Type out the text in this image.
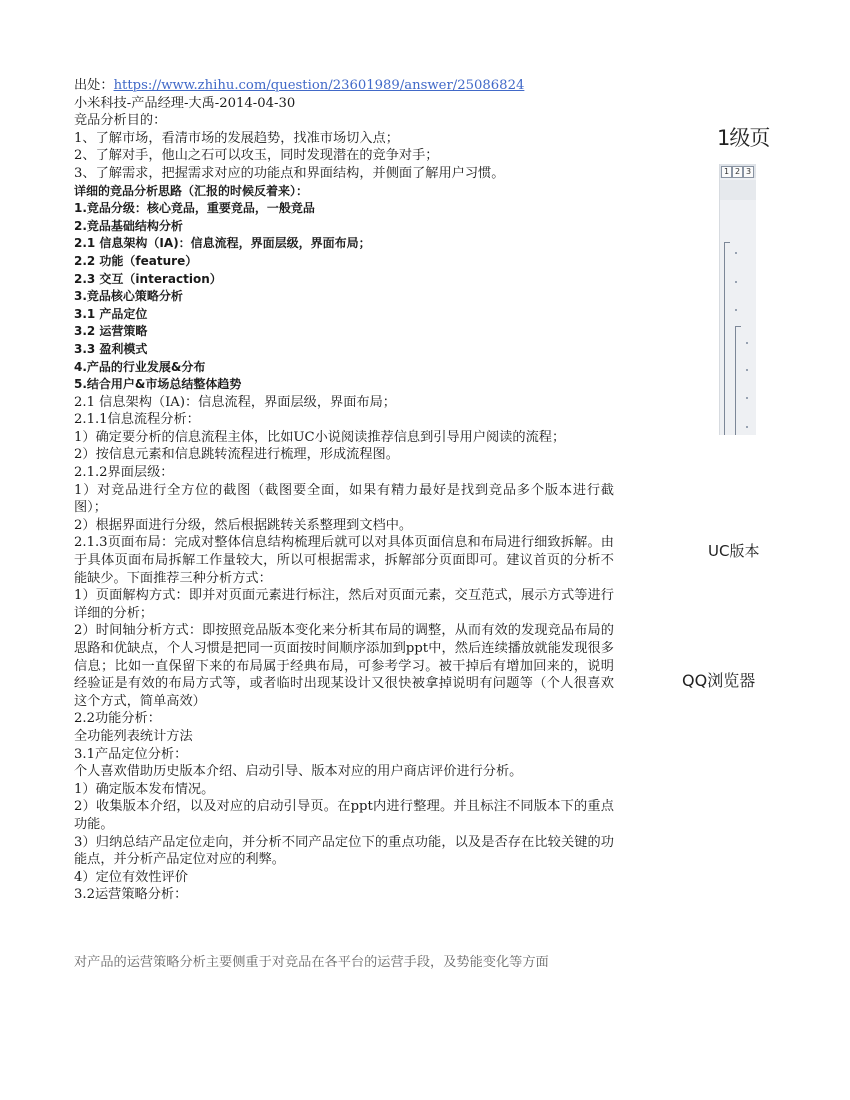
出处：https://www.zhihu.com/question/23601989/answer/25086824
小米科技-产品经理-大禹-2014-04-30
竞品分析目的：
1、了解市场，看清市场的发展趋势，找准市场切入点；
2、了解对手，他山之石可以攻玉，同时发现潜在的竞争对手；
3、了解需求，把握需求对应的功能点和界面结构，并侧面了解用户习惯。
详细的竞品分析思路（汇报的时候反着来）：
1.竞品分级：核心竞品，重要竞品，一般竞品
2.竞品基础结构分析
2.1 信息架构（IA)：信息流程，界面层级，界面布局；
2.2 功能（feature）
2.3 交互（interaction）
3.竞品核心策略分析
3.1 产品定位
3.2 运营策略
3.3 盈利模式
4.产品的行业发展&分布
5.结合用户&市场总结整体趋势
2.1 信息架构（IA)：信息流程，界面层级，界面布局；
2.1.1信息流程分析：
1）确定要分析的信息流程主体，比如UC小说阅读推荐信息到引导用户阅读的流程；
2）按信息元素和信息跳转流程进行梳理，形成流程图。
2.1.2界面层级：
1）对竞品进行全方位的截图（截图要全面，如果有精力最好是找到竞品多个版本进行截图）；
2）根据界面进行分级，然后根据跳转关系整理到文档中。
2.1.3页面布局：完成对整体信息结构梳理后就可以对具体页面信息和布局进行细致拆解。由于具体页面布局拆解工作量较大，所以可根据需求，拆解部分页面即可。建议首页的分析不能缺少。下面推荐三种分析方式：
1）页面解构方式：即并对页面元素进行标注，然后对页面元素，交互范式，展示方式等进行详细的分析；
2）时间轴分析方式：即按照竞品版本变化来分析其布局的调整，从而有效的发现竞品布局的思路和优缺点，个人习惯是把同一页面按时间顺序添加到ppt中，然后连续播放就能发现很多信息；比如一直保留下来的布局属于经典布局，可参考学习。被干掉后有增加回来的，说明经验证是有效的布局方式等，或者临时出现某设计又很快被拿掉说明有问题等（个人很喜欢这个方式，简单高效）
2.2功能分析：
全功能列表统计方法
3.1产品定位分析：
个人喜欢借助历史版本介绍、启动引导、版本对应的用户商店评价进行分析。
1）确定版本发布情况。
2）收集版本介绍，以及对应的启动引导页。在ppt内进行整理。并且标注不同版本下的重点功能。
3）归纳总结产品定位走向，并分析不同产品定位下的重点功能，以及是否存在比较关键的功能点，并分析产品定位对应的利弊。
4）定位有效性评价
3.2运营策略分析：
对产品的运营策略分析主要侧重于对竞品在各平台的运营手段，及势能变化等方面
1级页
1 2 3
UC版本
QQ浏览器
